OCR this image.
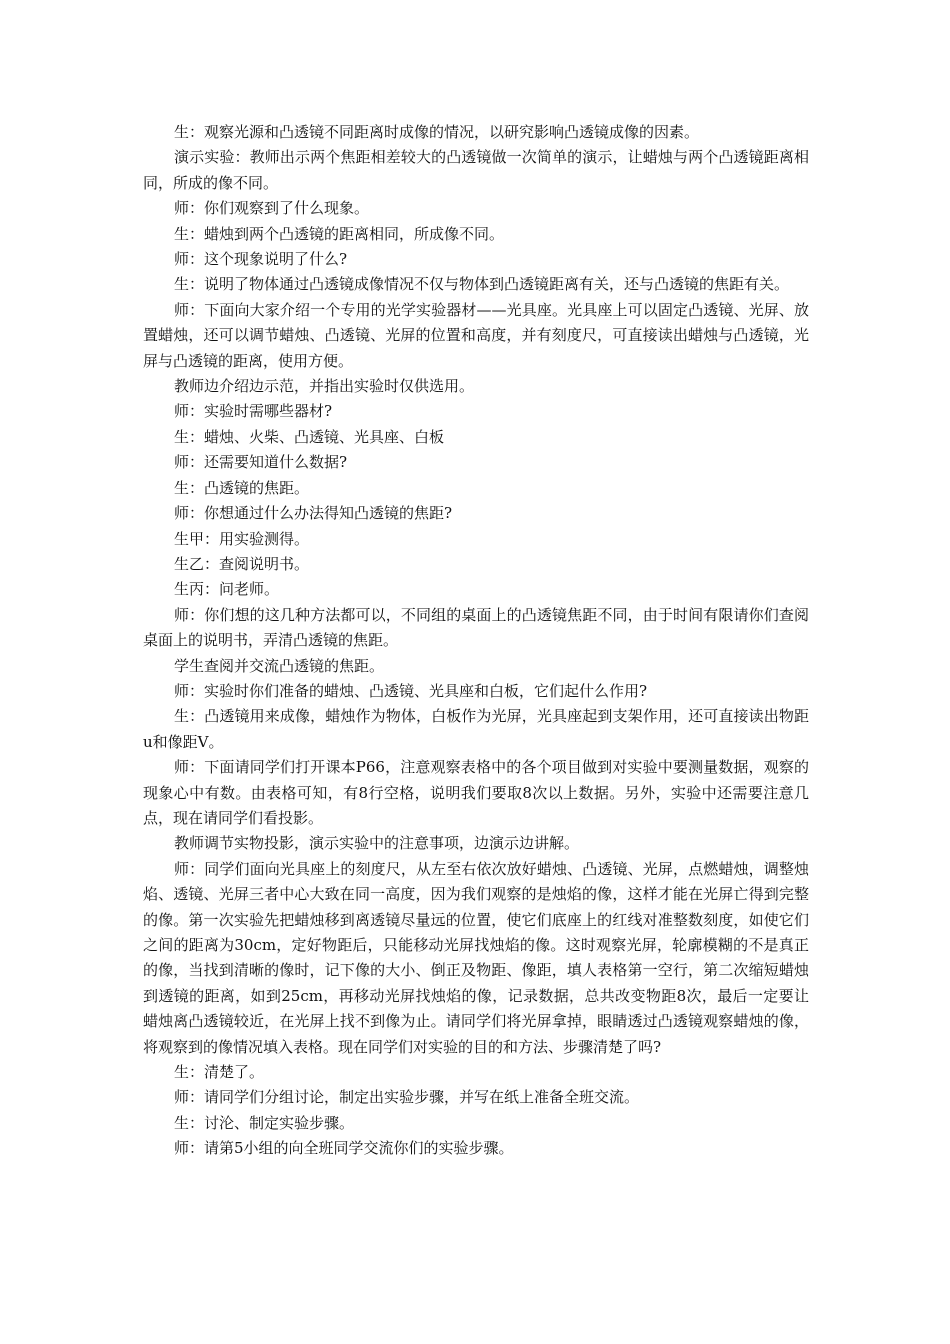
生：观察光源和凸透镜不同距离时成像的情况，以研究影响凸透镜成像的因素。

演示实验：教师出示两个焦距相差较大的凸透镜做一次简单的演示，让蜡烛与两个凸透镜距离相同，所成的像不同。

师：你们观察到了什么现象。

生：蜡烛到两个凸透镜的距离相同，所成像不同。

师：这个现象说明了什么?

生：说明了物体通过凸透镜成像情况不仅与物体到凸透镜距离有关，还与凸透镜的焦距有关。

师：下面向大家介绍一个专用的光学实验器材——光具座。光具座上可以固定凸透镜、光屏、放置蜡烛，还可以调节蜡烛、凸透镜、光屏的位置和高度，并有刻度尺，可直接读出蜡烛与凸透镜，光屏与凸透镜的距离，使用方便。

教师边介绍边示范，并指出实验时仅供选用。

师：实验时需哪些器材?

生：蜡烛、火柴、凸透镜、光具座、白板

师：还需要知道什么数据?

生：凸透镜的焦距。

师：你想通过什么办法得知凸透镜的焦距?

生甲：用实验测得。

生乙：查阅说明书。

生丙：问老师。

师：你们想的这几种方法都可以，不同组的桌面上的凸透镜焦距不同，由于时间有限请你们查阅桌面上的说明书，弄清凸透镜的焦距。

学生查阅并交流凸透镜的焦距。

师：实验时你们准备的蜡烛、凸透镜、光具座和白板，它们起什么作用?

生：凸透镜用来成像，蜡烛作为物体，白板作为光屏，光具座起到支架作用，还可直接读出物距u和像距V。

师：下面请同学们打开课本P66，注意观察表格中的各个项目做到对实验中要测量数据，观察的现象心中有数。由表格可知，有8行空格，说明我们要取8次以上数据。另外，实验中还需要注意几点，现在请同学们看投影。

教师调节实物投影，演示实验中的注意事项，边演示边讲解。

师：同学们面向光具座上的刻度尺，从左至右依次放好蜡烛、凸透镜、光屏，点燃蜡烛，调整烛焰、透镜、光屏三者中心大致在同一高度，因为我们观察的是烛焰的像，这样才能在光屏亡得到完整的像。第一次实验先把蜡烛移到离透镜尽量远的位置，使它们底座上的红线对准整数刻度，如使它们之间的距离为30cm，定好物距后，只能移动光屏找烛焰的像。这时观察光屏，轮廓模糊的不是真正的像，当找到清晰的像时，记下像的大小、倒正及物距、像距，填人表格第一空行，第二次缩短蜡烛到透镜的距离，如到25cm，再移动光屏找烛焰的像，记录数据，总共改变物距8次，最后一定要让蜡烛离凸透镜较近，在光屏上找不到像为止。请同学们将光屏拿掉，眼睛透过凸透镜观察蜡烛的像，将观察到的像情况填入表格。现在同学们对实验的目的和方法、步骤清楚了吗?

生：清楚了。

师：请同学们分组讨论，制定出实验步骤，并写在纸上准备全班交流。

生：讨沦、制定实验步骤。

师：请第5小组的向全班同学交流你们的实验步骤。
